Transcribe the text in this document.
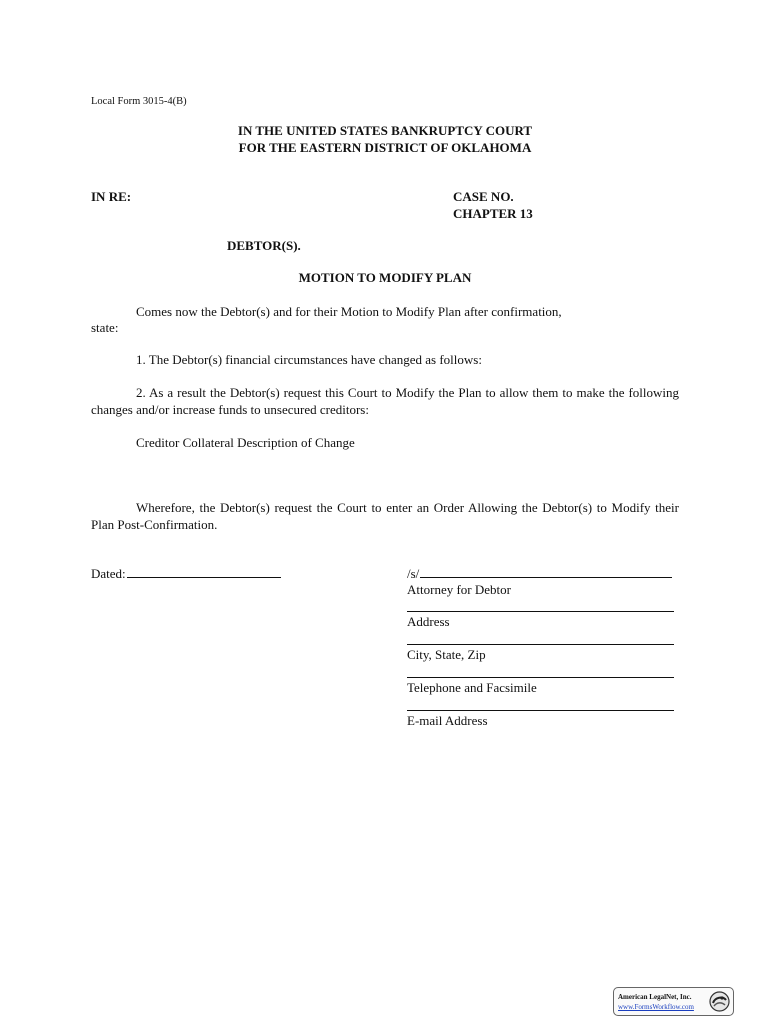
Local Form 3015-4(B)
IN THE UNITED STATES BANKRUPTCY COURT
FOR THE EASTERN DISTRICT OF OKLAHOMA
IN RE:	CASE NO.
CHAPTER 13
DEBTOR(S).
MOTION TO MODIFY PLAN
Comes now the Debtor(s) and for their Motion to Modify Plan after confirmation,
state:
1. The Debtor(s) financial circumstances have changed as follows:
2. As a result the Debtor(s) request this Court to Modify the Plan to allow them to make the following changes and/or increase funds to unsecured creditors:
Creditor Collateral Description of Change
Wherefore, the Debtor(s) request the Court to enter an Order Allowing the Debtor(s) to Modify their Plan Post-Confirmation.
Dated:	/s/
Attorney for Debtor
Address
City, State, Zip
Telephone and Facsimile
E-mail Address
American LegalNet, Inc.
www.FormsWorkflow.com
